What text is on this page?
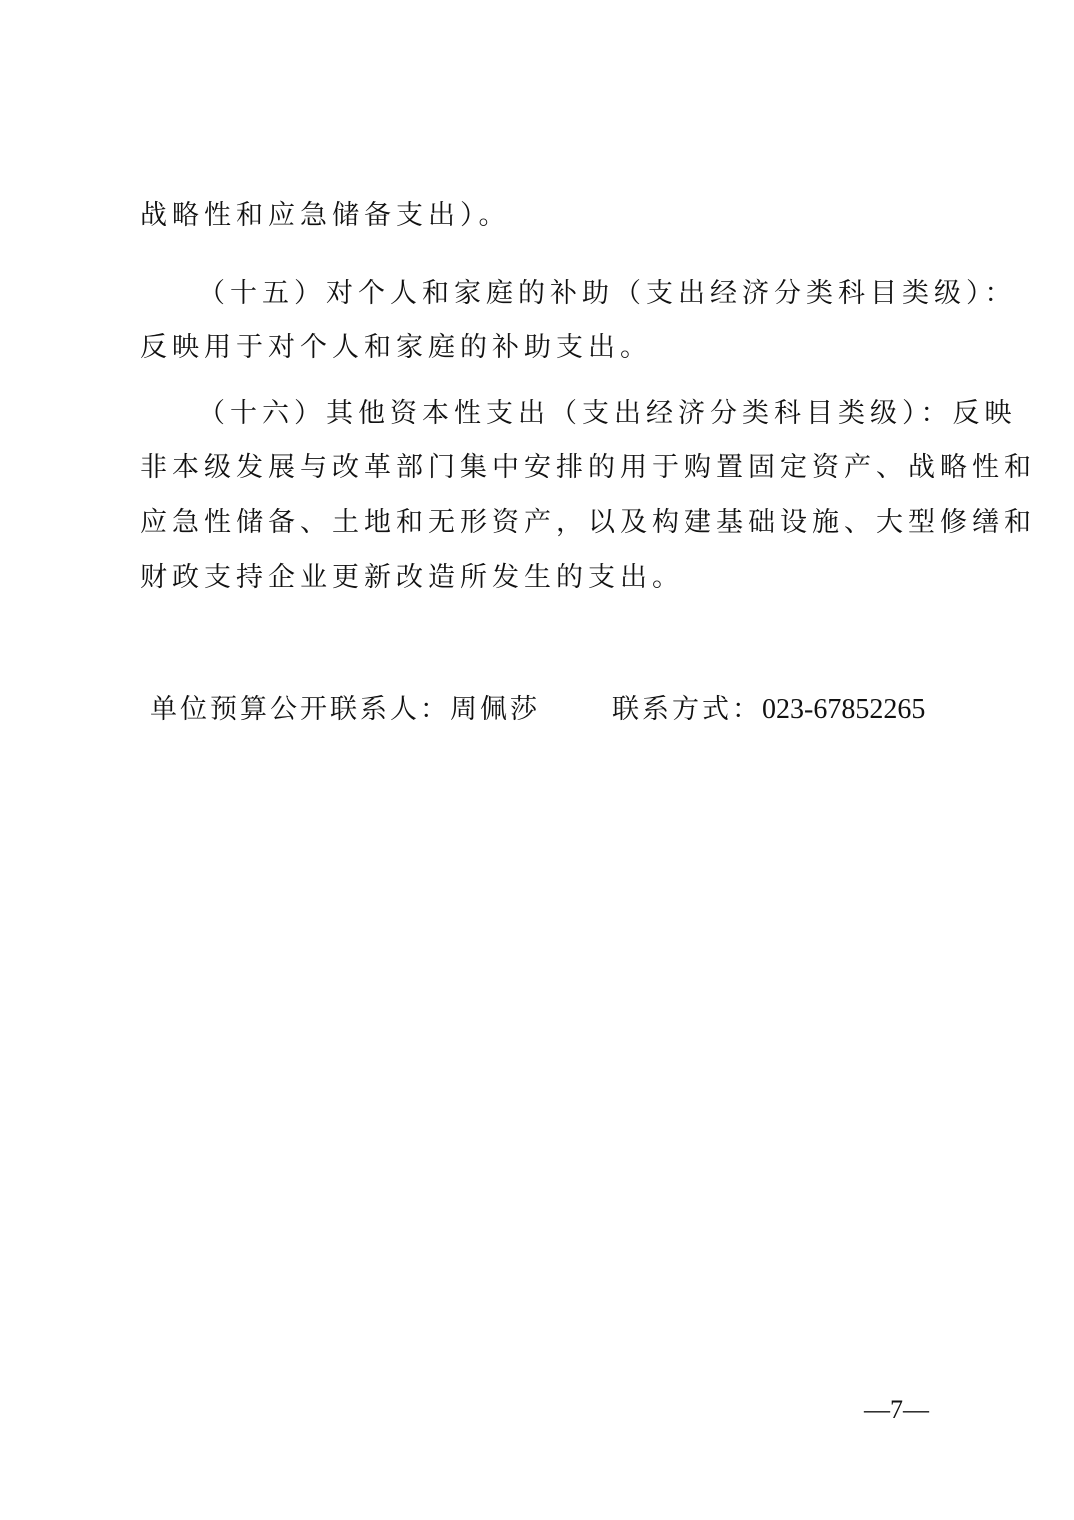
战略性和应急储备支出）。
（十五）对个人和家庭的补助（支出经济分类科目类级）：
反映用于对个人和家庭的补助支出。
（十六）其他资本性支出（支出经济分类科目类级）：反映
非本级发展与改革部门集中安排的用于购置固定资产、战略性和
应急性储备、土地和无形资产，以及构建基础设施、大型修缮和
财政支持企业更新改造所发生的支出。
单位预算公开联系人：周佩莎	联系方式：023-67852265
—7—
